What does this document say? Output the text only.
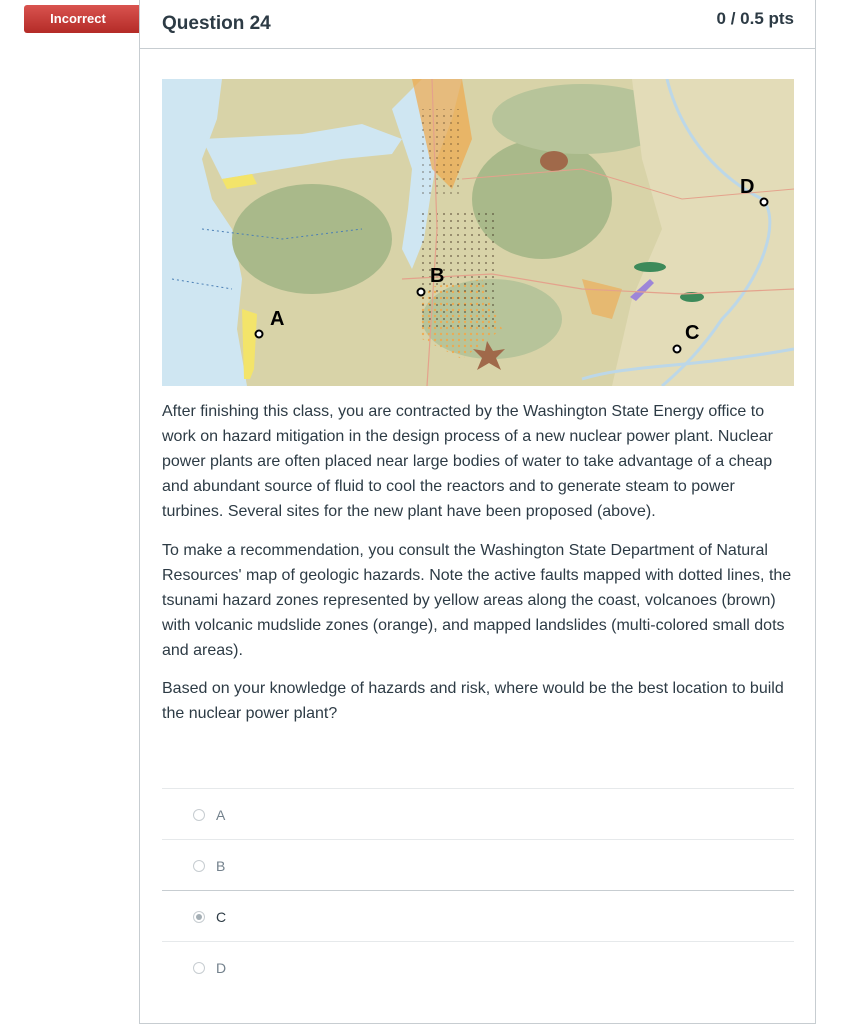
Incorrect	Question 24	0 / 0.5 pts
A
B
C
D

After finishing this class, you are contracted by the Washington State Energy office to work on hazard mitigation in the design process of a new nuclear power plant. Nuclear power plants are often placed near large bodies of water to take advantage of a cheap and abundant source of fluid to cool the reactors and to generate steam to power turbines. Several sites for the new plant have been proposed (above).

To make a recommendation, you consult the Washington State Department of Natural Resources' map of geologic hazards. Note the active faults mapped with dotted lines, the tsunami hazard zones represented by yellow areas along the coast, volcanoes (brown) with volcanic mudslide zones (orange), and mapped landslides (multi-colored small dots and areas).

Based on your knowledge of hazards and risk, where would be the best location to build the nuclear power plant?

A
B
C
D
